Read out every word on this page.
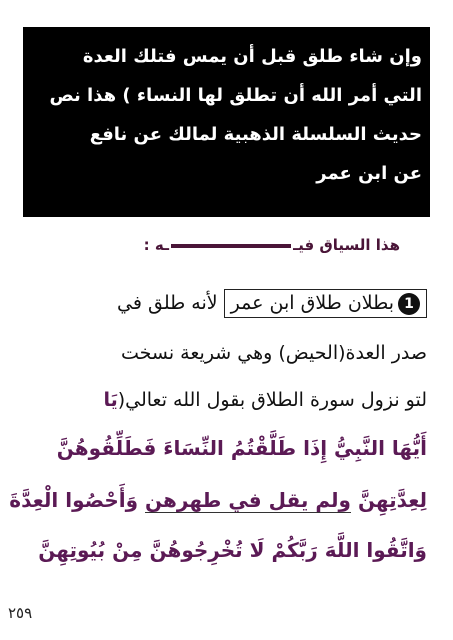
وإن شاء طلق قبل أن يمس فتلك العدة
التي أمر الله أن تطلق لها النساء ) هذا نص
حديث السلسلة الذهبية لمالك عن نافع
عن ابن عمر
هذا السياق فيــه :
1بطلان طلاق ابن عمر لأنه طلق في
صدر العدة(الحيض) وهي شريعة نسخت
لتو نزول سورة الطلاق بقول الله تعالي(يَا
أَيُّهَا النَّبِيُّ إِذَا طَلَّقْتُمُ النِّسَاءَ فَطَلِّقُوهُنَّ
لِعِدَّتِهِنَّ ولم يقل في طهرهن وَأَحْصُوا الْعِدَّةَ
وَاتَّقُوا اللَّهَ رَبَّكُمْ لَا تُخْرِجُوهُنَّ مِنْ بُيُوتِهِنَّ
٢٥٩
